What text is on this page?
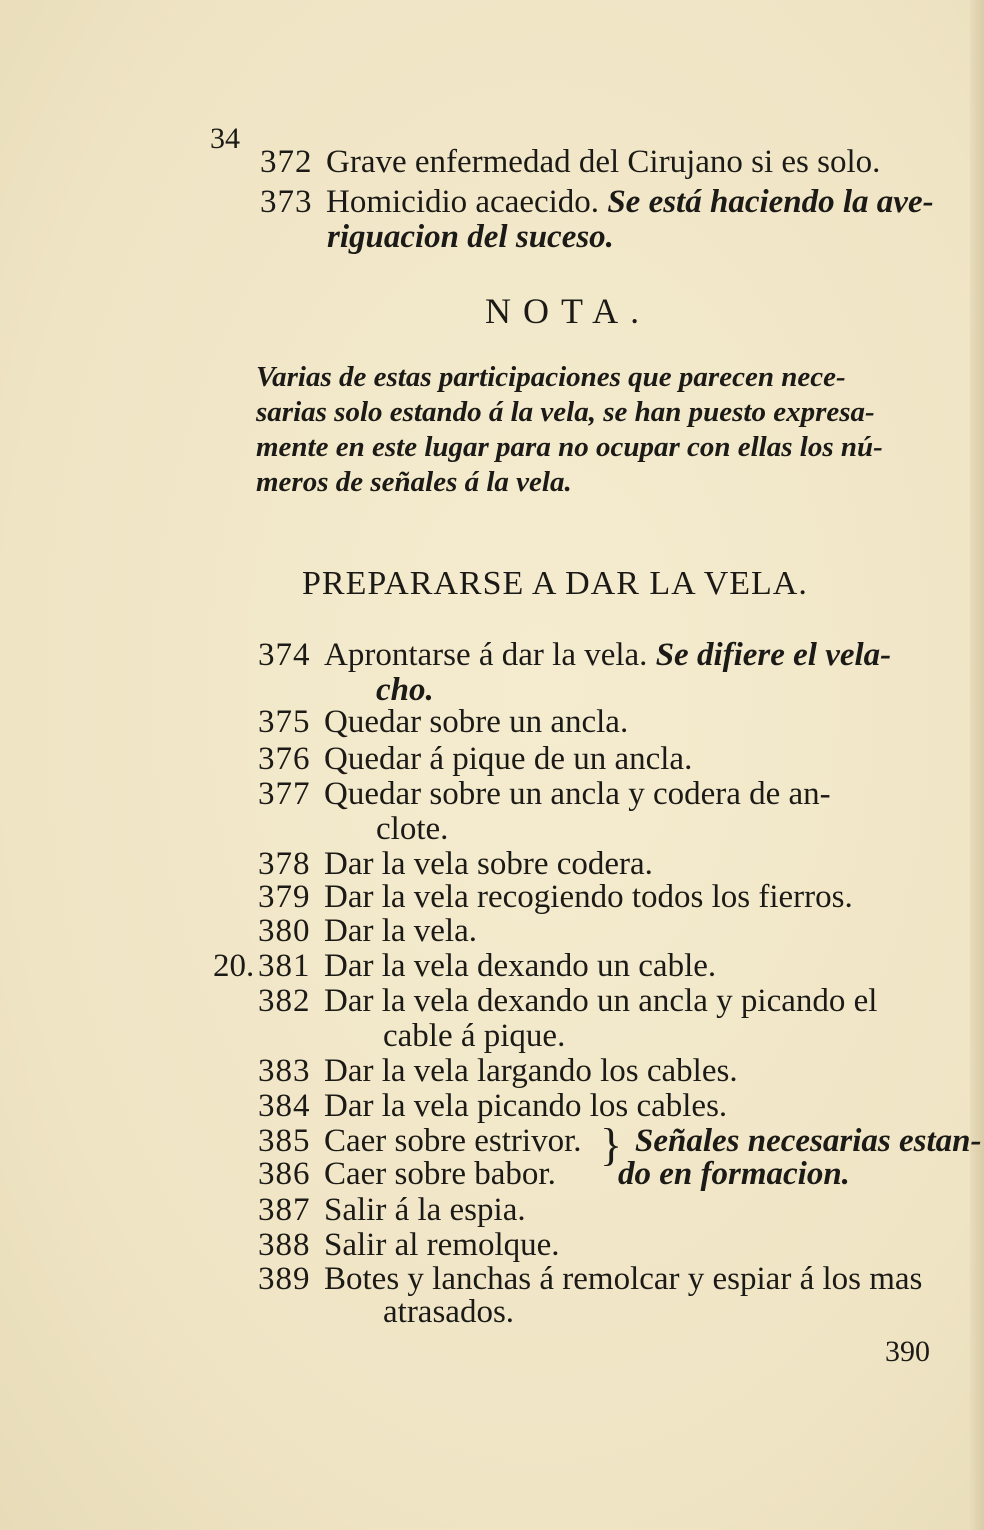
34
372 Grave enfermedad del Cirujano si es solo.
373 Homicidio acaecido. Se está haciendo la ave-
riguacion del suceso.
NOTA.
Varias de estas participaciones que parecen nece-
sarias solo estando á la vela, se han puesto expresa-
mente en este lugar para no ocupar con ellas los nú-
meros de señales á la vela.
PREPARARSE A DAR LA VELA.
374 Aprontarse á dar la vela. Se difiere el vela-
cho.
375 Quedar sobre un ancla.
376 Quedar á pique de un ancla.
377 Quedar sobre un ancla y codera de an-
clote.
378 Dar la vela sobre codera.
379 Dar la vela recogiendo todos los fierros.
380 Dar la vela.
20. 381 Dar la vela dexando un cable.
382 Dar la vela dexando un ancla y picando el
cable á pique.
383 Dar la vela largando los cables.
384 Dar la vela picando los cables.
385 Caer sobre estrivor.
386 Caer sobre babor.
} Señales necesarias estan-
do en formacion.
387 Salir á la espia.
388 Salir al remolque.
389 Botes y lanchas á remolcar y espiar á los mas
atrasados.
390
